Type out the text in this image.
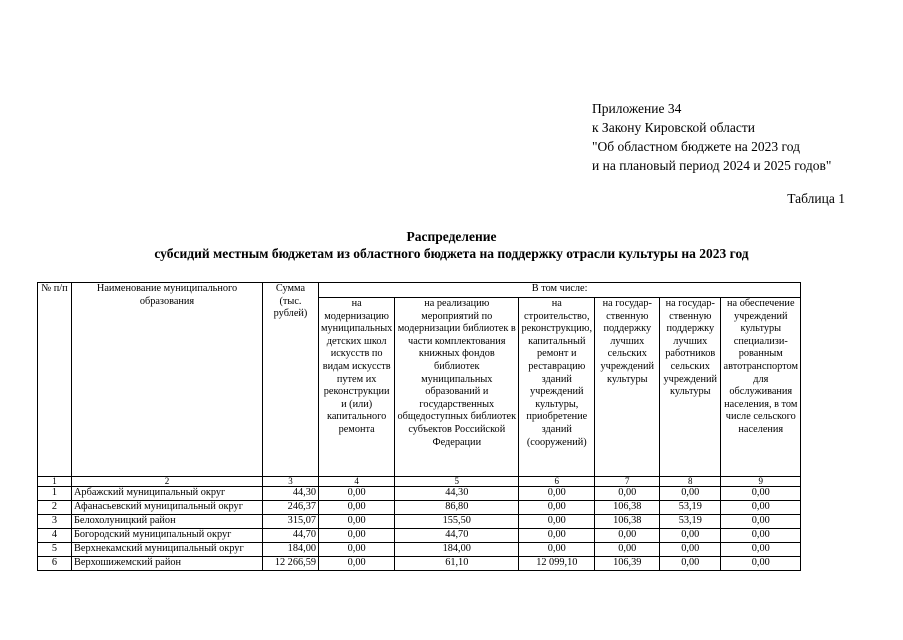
Приложение 34
к Закону Кировской области
"Об областном бюджете на 2023 год
и на плановый период 2024 и 2025 годов"
Таблица 1
Распределение
субсидий местным бюджетам из областного бюджета на поддержку отрасли культуры на 2023 год
№ п/п	Наименование муниципального образования	Сумма (тыс. рублей)	В том числе:					
			на модернизацию муниципальных детских школ искусств по видам искусств путем их реконструкции и (или) капитального ремонта	на реализацию мероприятий по модернизации библиотек в части комплектования книжных фондов библиотек муниципальных образований и государственных общедоступных библиотек субъектов Российской Федерации	на строительство, реконструкцию, капитальный ремонт и реставрацию зданий учреждений культуры, приобретение зданий (сооружений)	на государ-ственную поддержку лучших сельских учреждений культуры	на государ-ственную поддержку лучших работников сельских учреждений культуры	на обеспечение учреждений культуры специализи-рованным автотранспортом для обслуживания населения, в том числе сельского населения
1	2	3	4	5	6	7	8	9
1	Арбажский муниципальный округ	44,30	0,00	44,30	0,00	0,00	0,00	0,00
2	Афанасьевский муниципальный округ	246,37	0,00	86,80	0,00	106,38	53,19	0,00
3	Белохолуницкий район	315,07	0,00	155,50	0,00	106,38	53,19	0,00
4	Богородский муниципальный округ	44,70	0,00	44,70	0,00	0,00	0,00	0,00
5	Верхнекамский муниципальный округ	184,00	0,00	184,00	0,00	0,00	0,00	0,00
6	Верхошижемский район	12 266,59	0,00	61,10	12 099,10	106,39	0,00	0,00
